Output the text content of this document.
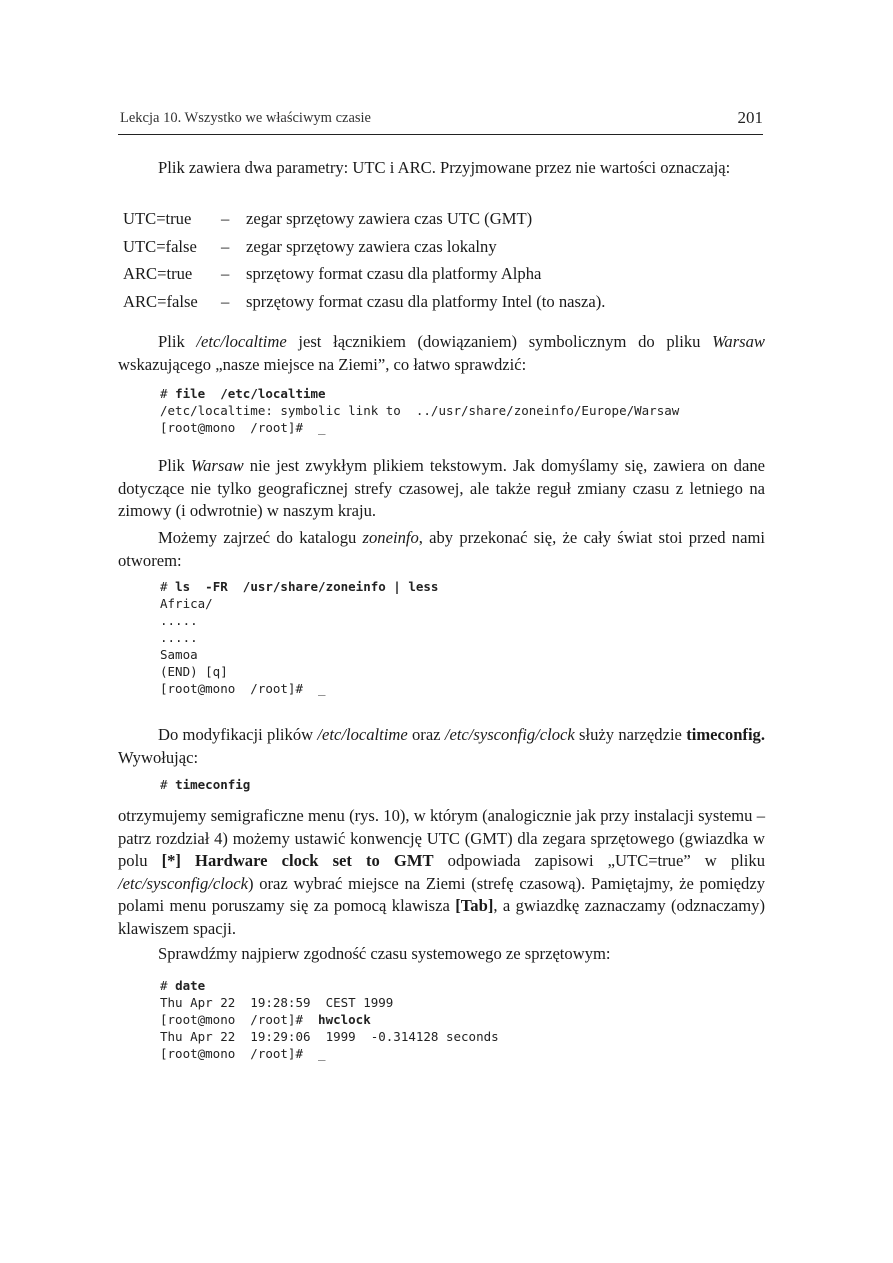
Lekcja 10. Wszystko we właściwym czasie	201

Plik zawiera dwa parametry: UTC i ARC. Przyjmowane przez nie wartości oznaczają:

UTC=true – zegar sprzętowy zawiera czas UTC (GMT)
UTC=false – zegar sprzętowy zawiera czas lokalny
ARC=true – sprzętowy format czasu dla platformy Alpha
ARC=false – sprzętowy format czasu dla platformy Intel (to nasza).

Plik /etc/localtime jest łącznikiem (dowiązaniem) symbolicznym do pliku Warsaw wskazującego „nasze miejsce na Ziemi”, co łatwo sprawdzić:

# file  /etc/localtime
/etc/localtime: symbolic link to  ../usr/share/zoneinfo/Europe/Warsaw
[root@mono  /root]#  _

Plik Warsaw nie jest zwykłym plikiem tekstowym. Jak domyślamy się, zawiera on dane dotyczące nie tylko geograficznej strefy czasowej, ale także reguł zmiany czasu z letniego na zimowy (i odwrotnie) w naszym kraju.

Możemy zajrzeć do katalogu zoneinfo, aby przekonać się, że cały świat stoi przed nami otworem:

# ls  -FR  /usr/share/zoneinfo | less
Africa/
.....
.....
Samoa
(END) [q]
[root@mono  /root]#  _

Do modyfikacji plików /etc/localtime oraz /etc/sysconfig/clock służy narzędzie timeconfig. Wywołując:

# timeconfig

otrzymujemy semigraficzne menu (rys. 10), w którym (analogicznie jak przy instalacji systemu – patrz rozdział 4) możemy ustawić konwencję UTC (GMT) dla zegara sprzętowego (gwiazdka w polu [*] Hardware clock set to GMT odpowiada zapisowi „UTC=true” w pliku /etc/sysconfig/clock) oraz wybrać miejsce na Ziemi (strefę czasową). Pamiętajmy, że pomiędzy polami menu poruszamy się za pomocą klawisza [Tab], a gwiazdkę zaznaczamy (odznaczamy) klawiszem spacji.

Sprawdźmy najpierw zgodność czasu systemowego ze sprzętowym:

# date
Thu Apr 22  19:28:59  CEST 1999
[root@mono  /root]#  hwclock
Thu Apr 22  19:29:06  1999  -0.314128 seconds
[root@mono  /root]#  _
